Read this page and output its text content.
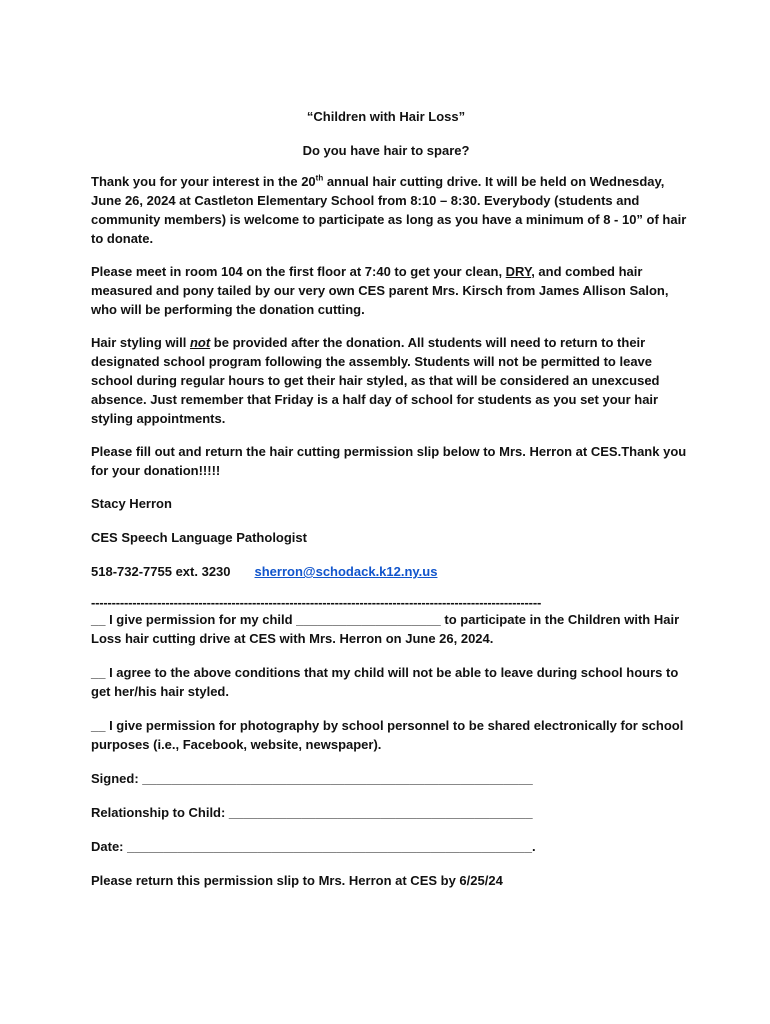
“Children with Hair Loss”
Do you have hair to spare?

Thank you for your interest in the 20th annual hair cutting drive. It will be held on Wednesday, June 26, 2024 at Castleton Elementary School from 8:10 – 8:30. Everybody (students and community members) is welcome to participate as long as you have a minimum of 8 - 10” of hair to donate.

Please meet in room 104 on the first floor at 7:40 to get your clean, DRY, and combed hair measured and pony tailed by our very own CES parent Mrs. Kirsch from James Allison Salon, who will be performing the donation cutting.

Hair styling will not be provided after the donation. All students will need to return to their designated school program following the assembly. Students will not be permitted to leave school during regular hours to get their hair styled, as that will be considered an unexcused absence. Just remember that Friday is a half day of school for students as you set your hair styling appointments.

Please fill out and return the hair cutting permission slip below to Mrs. Herron at CES.Thank you for your donation!!!!!

Stacy Herron

CES Speech Language Pathologist

518-732-7755 ext. 3230 sherron@schodack.k12.ny.us

-------------------------------------------------------------------------------------------------------------

__ I give permission for my child ____________________ to participate in the Children with Hair Loss hair cutting drive at CES with Mrs. Herron on June 26, 2024.

__ I agree to the above conditions that my child will not be able to leave during school hours to get her/his hair styled.

__ I give permission for photography by school personnel to be shared electronically for school purposes (i.e., Facebook, website, newspaper).

Signed: ______________________________________________________

Relationship to Child: __________________________________________

Date: ________________________________________________________.

Please return this permission slip to Mrs. Herron at CES by 6/25/24
